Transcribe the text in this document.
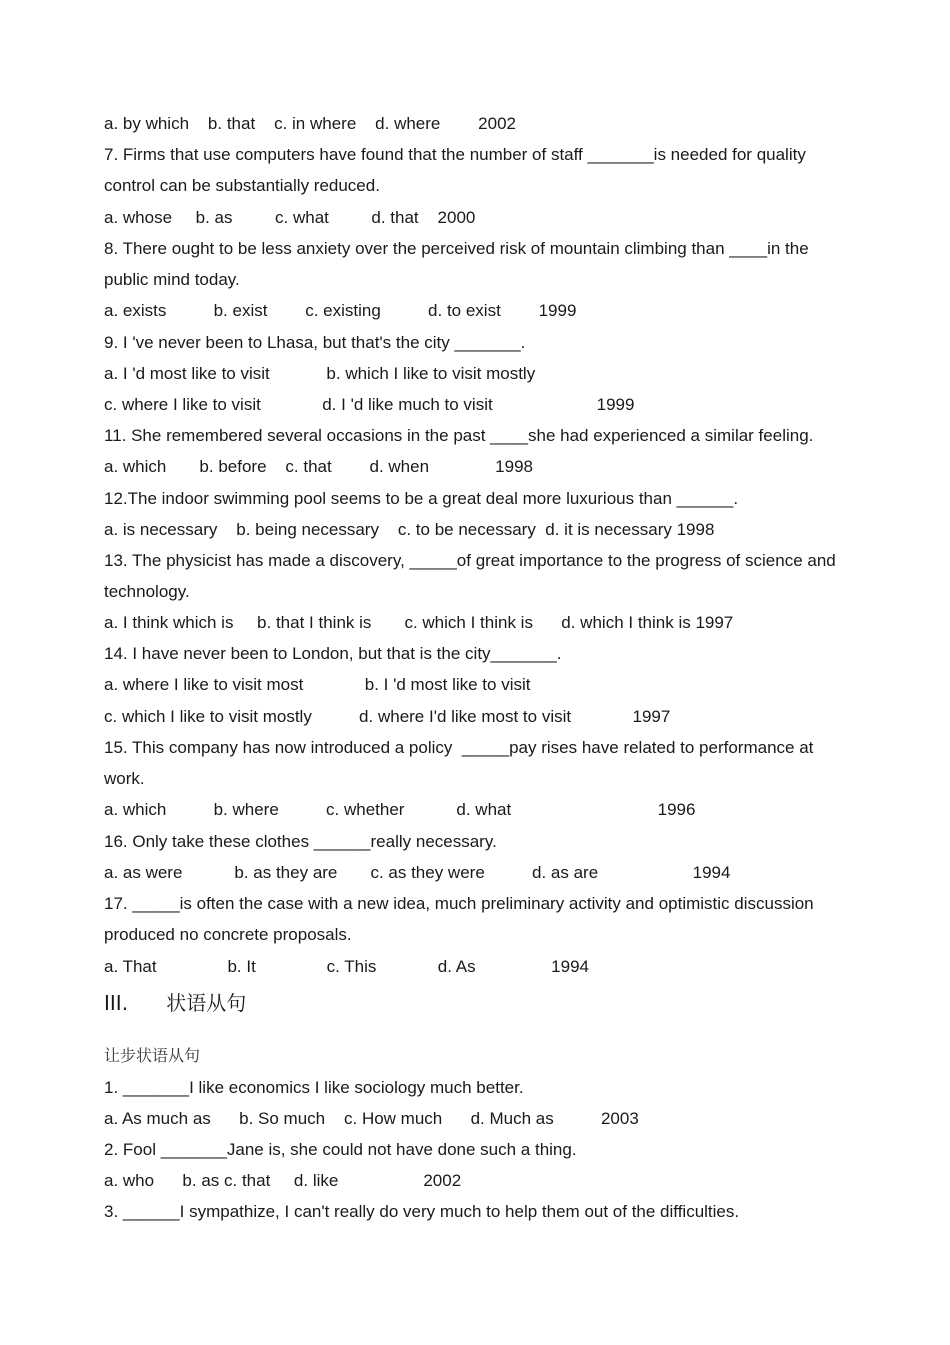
a. by which    b. that    c. in where    d. where        2002
7. Firms that use computers have found that the number of staff _______is needed for quality
control can be substantially reduced.
a. whose     b. as         c. what         d. that    2000
8. There ought to be less anxiety over the perceived risk of mountain climbing than ____in the
public mind today.
a. exists          b. exist        c. existing          d. to exist        1999
9. I 've never been to Lhasa, but that's the city _______.
a. I 'd most like to visit            b. which I like to visit mostly
c. where I like to visit             d. I 'd like much to visit                      1999
11. She remembered several occasions in the past ____she had experienced a similar feeling.
a. which       b. before    c. that        d. when              1998
12.The indoor swimming pool seems to be a great deal more luxurious than ______.
a. is necessary    b. being necessary    c. to be necessary  d. it is necessary 1998
13. The physicist has made a discovery, _____of great importance to the progress of science and
technology.
a. I think which is     b. that I think is       c. which I think is      d. which I think is 1997
14. I have never been to London, but that is the city_______.
a. where I like to visit most             b. I 'd most like to visit
c. which I like to visit mostly          d. where I'd like most to visit             1997
15. This company has now introduced a policy  _____pay rises have related to performance at
work.
a. which          b. where          c. whether           d. what                               1996
16. Only take these clothes ______really necessary.
a. as were           b. as they are       c. as they were          d. as are                    1994
17. _____is often the case with a new idea, much preliminary activity and optimistic discussion
produced no concrete proposals.
a. That               b. It               c. This             d. As                1994
III.      状语从句
让步状语从句
1. _______I like economics I like sociology much better.
a. As much as      b. So much    c. How much      d. Much as          2003
2. Fool _______Jane is, she could not have done such a thing.
a. who      b. as c. that     d. like                  2002
3. ______I sympathize, I can't really do very much to help them out of the difficulties.
